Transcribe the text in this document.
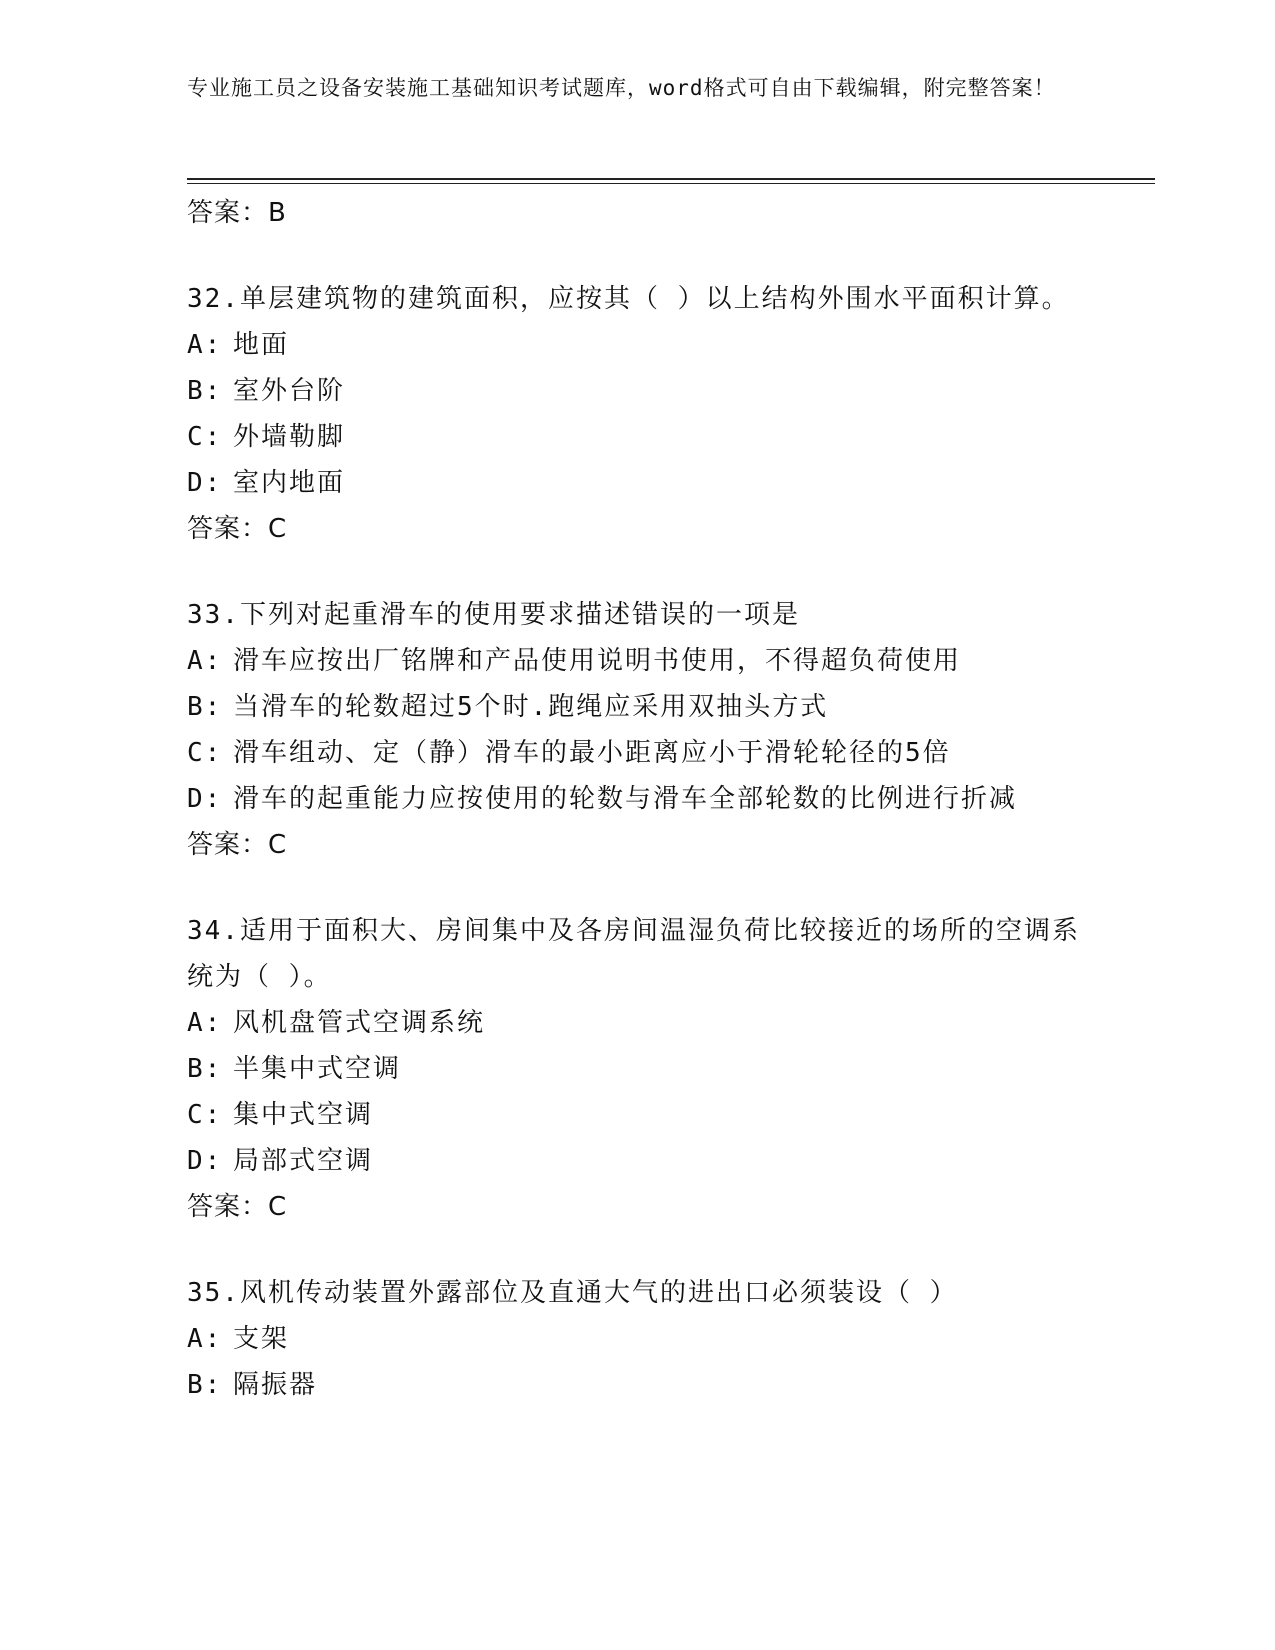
专业施工员之设备安装施工基础知识考试题库，word格式可自由下载编辑，附完整答案！
答案：B
32.单层建筑物的建筑面积，应按其（ ）以上结构外围水平面积计算。
A: 地面
B: 室外台阶
C: 外墙勒脚
D: 室内地面
答案：C
33.下列对起重滑车的使用要求描述错误的一项是
A: 滑车应按出厂铭牌和产品使用说明书使用，不得超负荷使用
B: 当滑车的轮数超过5个时.跑绳应采用双抽头方式
C: 滑车组动、定（静）滑车的最小距离应小于滑轮轮径的5倍
D: 滑车的起重能力应按使用的轮数与滑车全部轮数的比例进行折减
答案：C
34.适用于面积大、房间集中及各房间温湿负荷比较接近的场所的空调系统为（ ）。
A: 风机盘管式空调系统
B: 半集中式空调
C: 集中式空调
D: 局部式空调
答案：C
35.风机传动装置外露部位及直通大气的进出口必须装设（ ）
A: 支架
B: 隔振器
